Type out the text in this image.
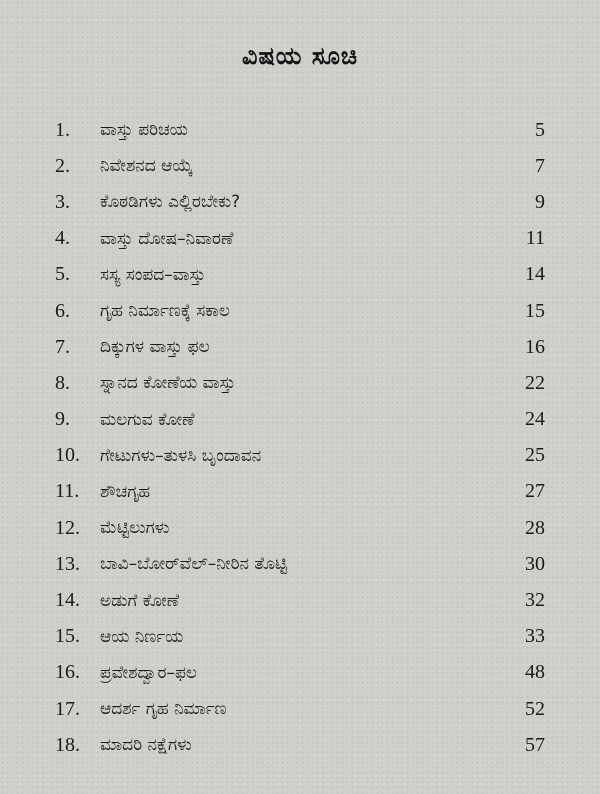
ವಿಷಯ ಸೂಚಿ
1.	ವಾಸ್ತು ಪರಿಚಯ	5
2.	ನಿವೇಶನದ ಆಯ್ಕೆ	7
3.	ಕೊಠಡಿಗಳು ಎಲ್ಲಿರಬೇಕು?	9
4.	ವಾಸ್ತು ದೋಷ–ನಿವಾರಣೆ	11
5.	ಸಸ್ಯ ಸಂಪದ–ವಾಸ್ತು	14
6.	ಗೃಹ ನಿರ್ಮಾಣಕ್ಕೆ ಸಕಾಲ	15
7.	ದಿಕ್ಕುಗಳ ವಾಸ್ತು ಫಲ	16
8.	ಸ್ನಾನದ ಕೋಣೆಯ ವಾಸ್ತು	22
9.	ಮಲಗುವ ಕೋಣೆ	24
10.	ಗೇಟುಗಳು–ತುಳಸಿ ಬೃಂದಾವನ	25
11.	ಶೌಚಗೃಹ	27
12.	ಮೆಟ್ಟಿಲುಗಳು	28
13.	ಬಾವಿ–ಬೋರ್‌ವೆಲ್–ನೀರಿನ ತೊಟ್ಟಿ	30
14.	ಅಡುಗೆ ಕೋಣೆ	32
15.	ಆಯ ನಿರ್ಣಯ	33
16.	ಪ್ರವೇಶದ್ವಾರ–ಫಲ	48
17.	ಆದರ್ಶ ಗೃಹ ನಿರ್ಮಾಣ	52
18.	ಮಾದರಿ ನಕ್ಷೆಗಳು	57
